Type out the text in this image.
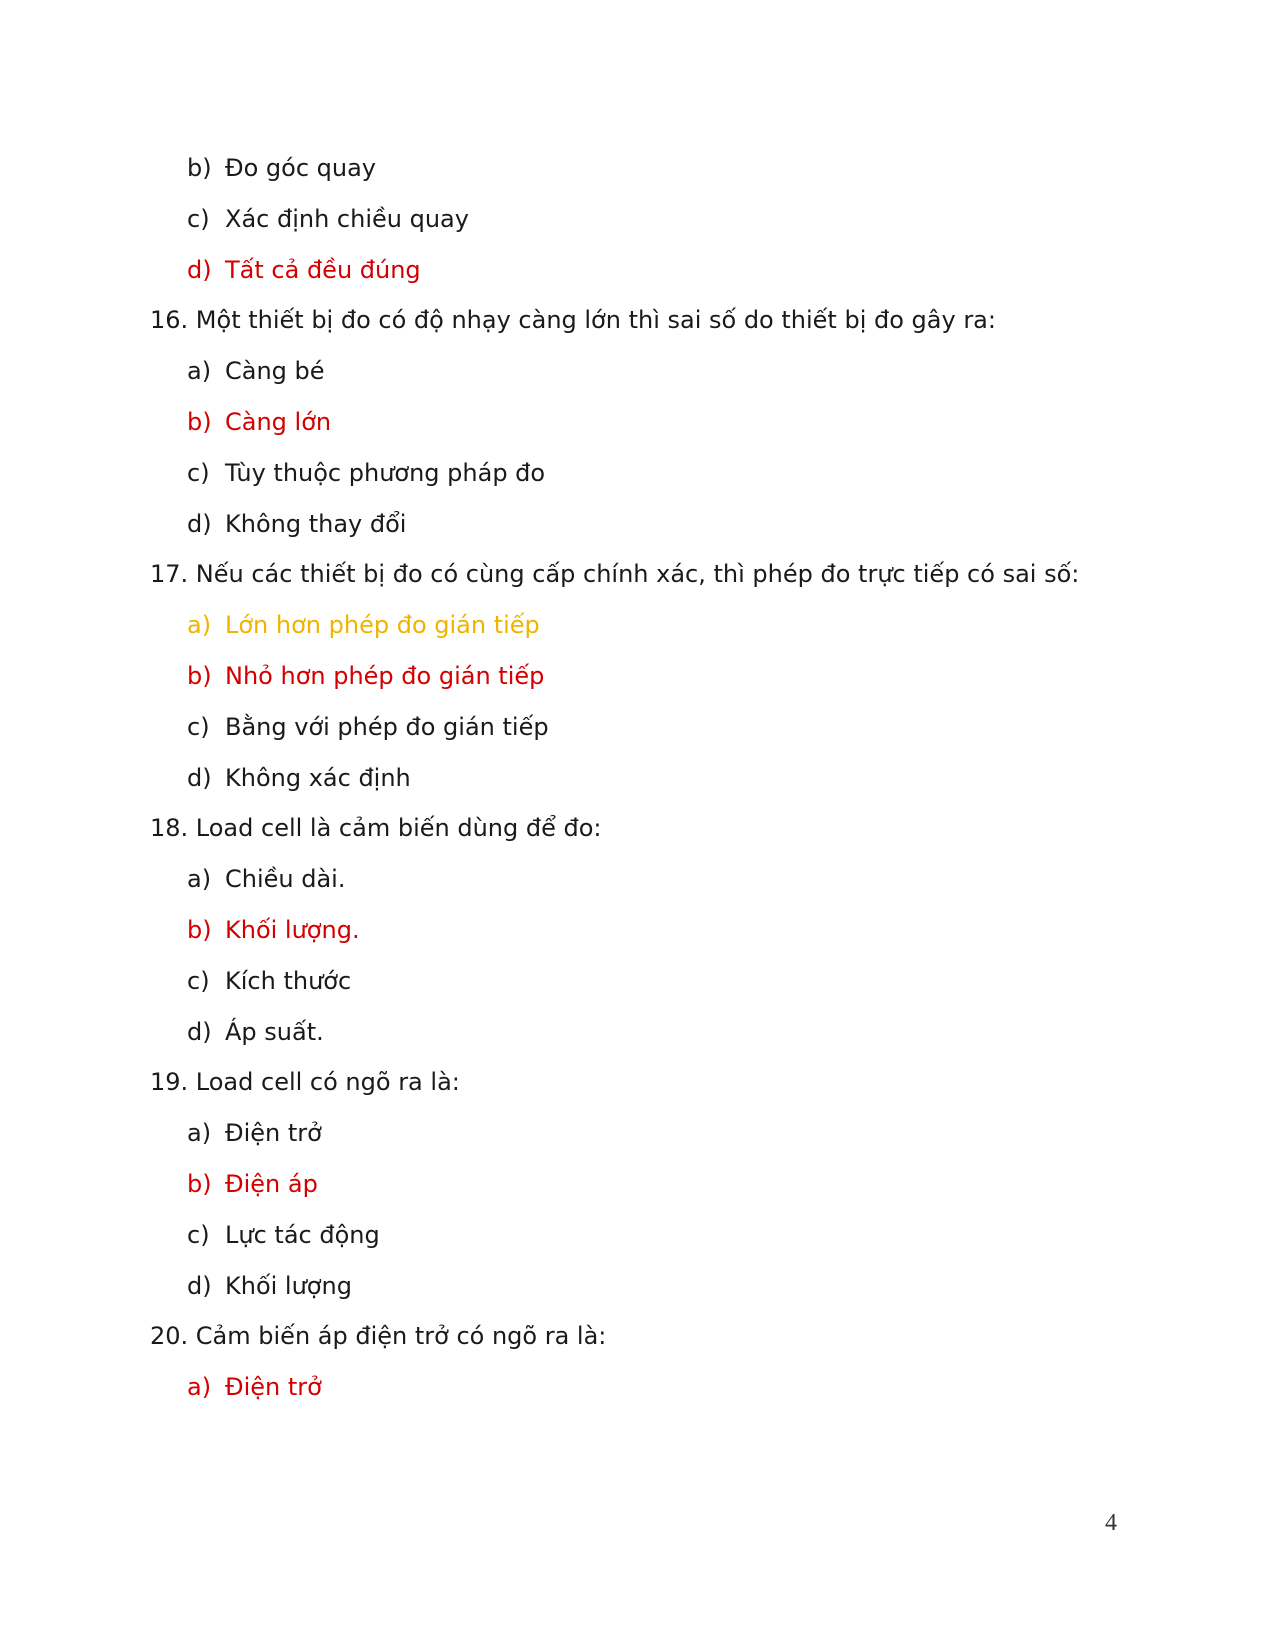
b) Đo góc quay
c) Xác định chiều quay
d) Tất cả đều đúng
16. Một thiết bị đo có độ nhạy càng lớn thì sai số do thiết bị đo gây ra:
a) Càng bé
b) Càng lớn
c) Tùy thuộc phương pháp đo
d) Không thay đổi
17. Nếu các thiết bị đo có cùng cấp chính xác, thì phép đo trực tiếp có sai số:
a) Lớn hơn phép đo gián tiếp
b) Nhỏ hơn phép đo gián tiếp
c) Bằng với phép đo gián tiếp
d) Không xác định
18. Load cell là cảm biến dùng để đo:
a) Chiều dài.
b) Khối lượng.
c) Kích thước
d) Áp suất.
19. Load cell có ngõ ra là:
a) Điện trở
b) Điện áp
c) Lực tác động
d) Khối lượng
20. Cảm biến áp điện trở có ngõ ra là:
a) Điện trở
4
